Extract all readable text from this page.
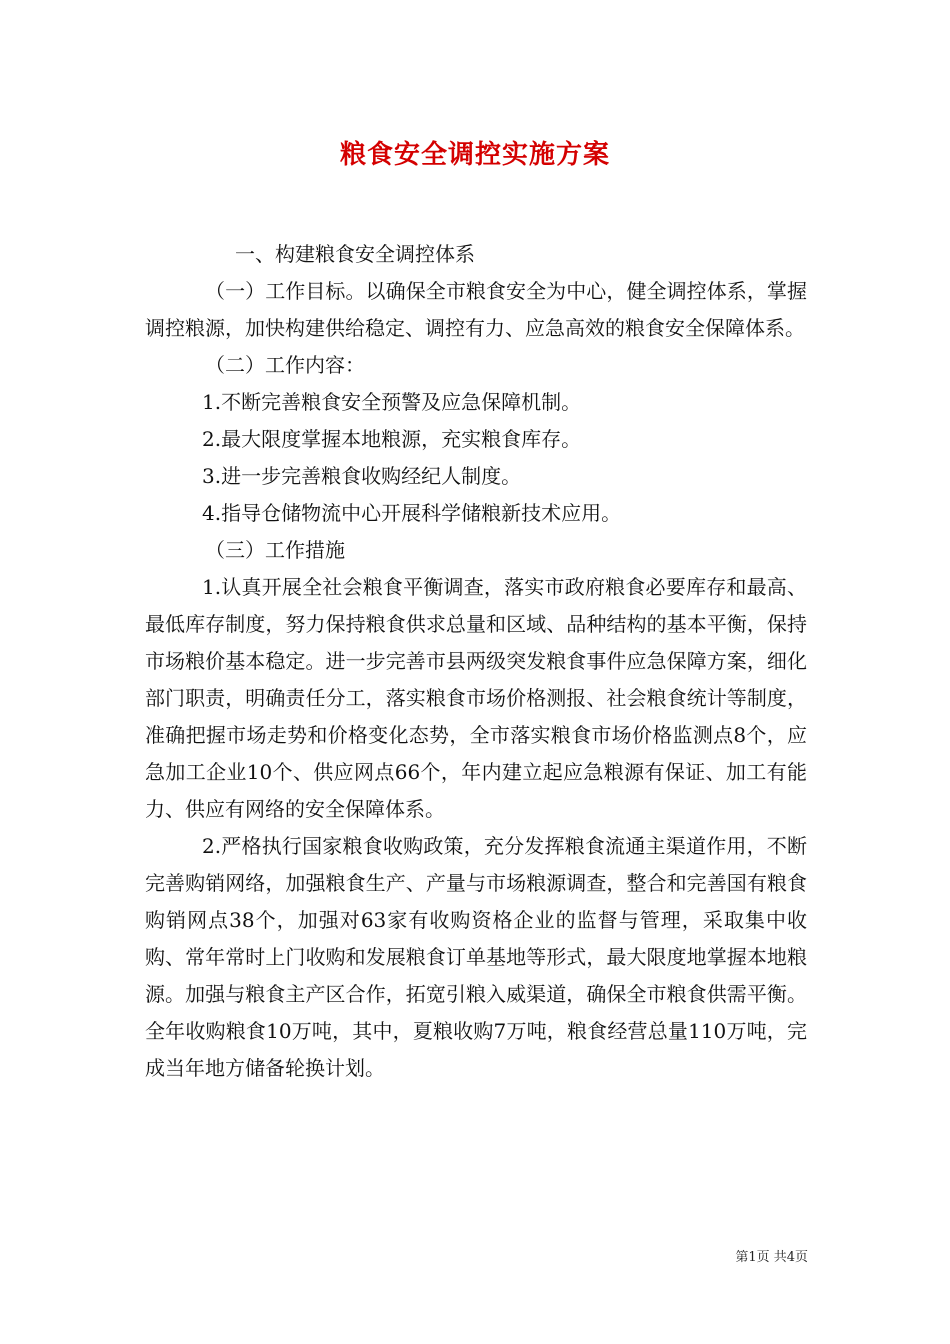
粮食安全调控实施方案

一、构建粮食安全调控体系

（一）工作目标。以确保全市粮食安全为中心，健全调控体系，掌握调控粮源，加快构建供给稳定、调控有力、应急高效的粮食安全保障体系。

（二）工作内容：

1.不断完善粮食安全预警及应急保障机制。

2.最大限度掌握本地粮源，充实粮食库存。

3.进一步完善粮食收购经纪人制度。

4.指导仓储物流中心开展科学储粮新技术应用。

（三）工作措施

1.认真开展全社会粮食平衡调查，落实市政府粮食必要库存和最高、最低库存制度，努力保持粮食供求总量和区域、品种结构的基本平衡，保持市场粮价基本稳定。进一步完善市县两级突发粮食事件应急保障方案，细化部门职责，明确责任分工，落实粮食市场价格测报、社会粮食统计等制度，准确把握市场走势和价格变化态势，全市落实粮食市场价格监测点8个，应急加工企业10个、供应网点66个，年内建立起应急粮源有保证、加工有能力、供应有网络的安全保障体系。

2.严格执行国家粮食收购政策，充分发挥粮食流通主渠道作用，不断完善购销网络，加强粮食生产、产量与市场粮源调查，整合和完善国有粮食购销网点38个，加强对63家有收购资格企业的监督与管理，采取集中收购、常年常时上门收购和发展粮食订单基地等形式，最大限度地掌握本地粮源。加强与粮食主产区合作，拓宽引粮入威渠道，确保全市粮食供需平衡。全年收购粮食10万吨，其中，夏粮收购7万吨，粮食经营总量110万吨，完成当年地方储备轮换计划。

第1页 共4页
